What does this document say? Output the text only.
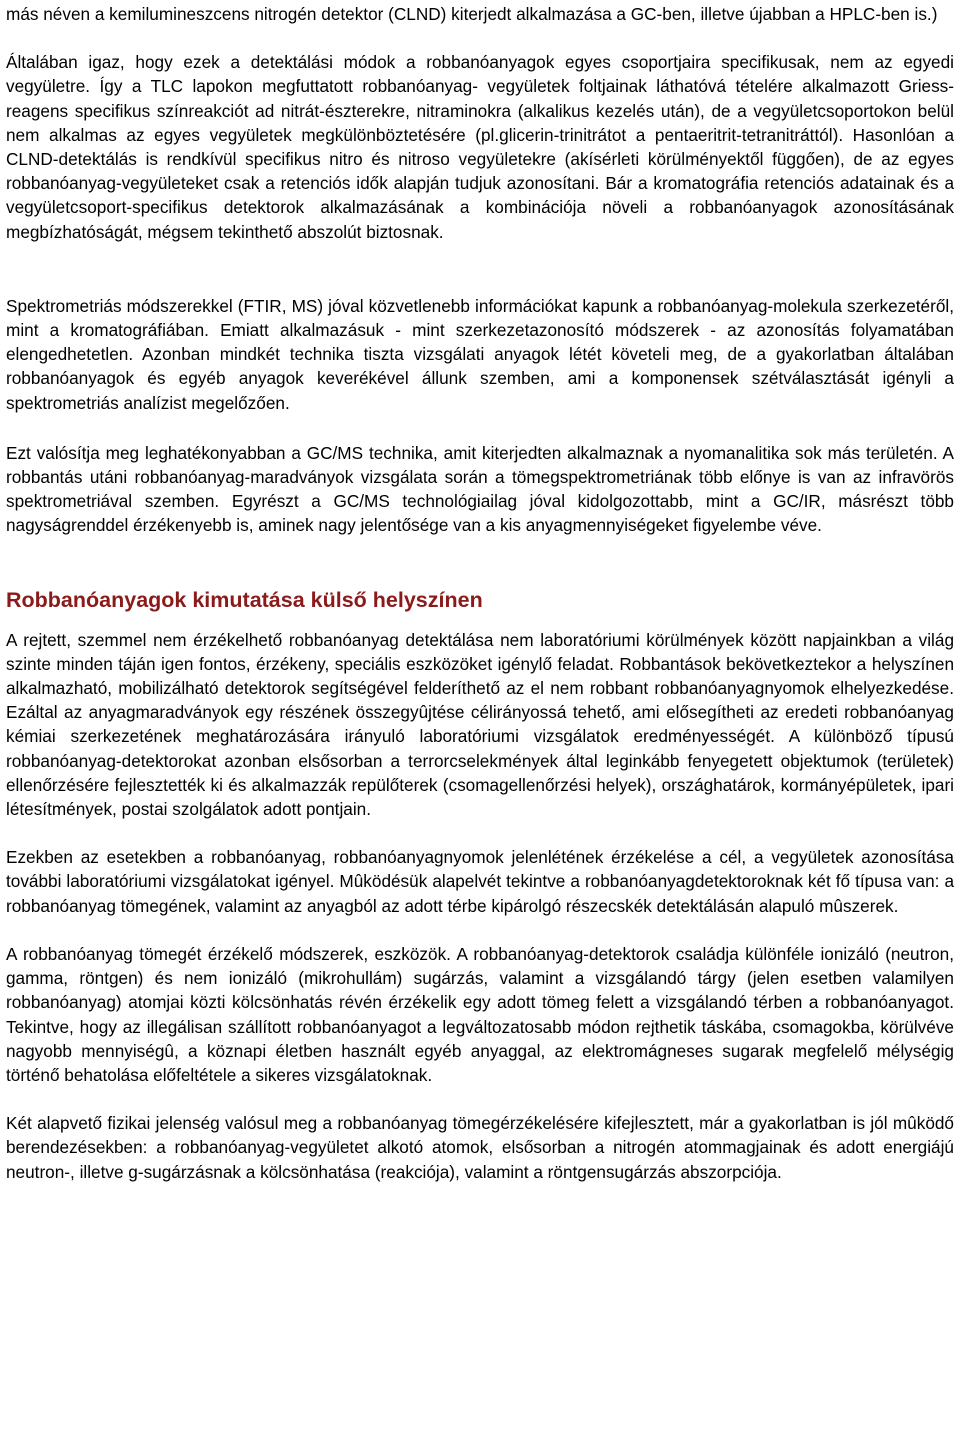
más néven a kemilumineszcens nitrogén detektor (CLND) kiterjedt alkalmazása a GC-ben, illetve újabban a HPLC-ben is.)

Általában igaz, hogy ezek a detektálási módok a robbanóanyagok egyes csoportjaira specifikusak, nem az egyedi vegyületre. Így a TLC lapokon megfuttatott robbanóanyag- vegyületek foltjainak láthatóvá tételére alkalmazott Griess-reagens specifikus színreakciót ad nitrát-észterekre, nitraminokra (alkalikus kezelés után), de a vegyületcsoportokon belül nem alkalmas az egyes vegyületek megkülönböztetésére (pl.glicerin-trinitrátot a pentaeritrit-tetranitráttól). Hasonlóan a CLND-detektálás is rendkívül specifikus nitro és nitroso vegyületekre (akísérleti körülményektől függően), de az egyes robbanóanyag-vegyületeket csak a retenciós idők alapján tudjuk azonosítani. Bár a kromatográfia retenciós adatainak és a vegyületcsoport-specifikus detektorok alkalmazásának a kombinációja növeli a robbanóanyagok azonosításának megbízhatóságát, mégsem tekinthető abszolút biztosnak.

Spektrometriás módszerekkel (FTIR, MS) jóval közvetlenebb információkat kapunk a robbanóanyag-molekula szerkezetéről, mint a kromatográfiában. Emiatt alkalmazásuk - mint szerkezetazonosító módszerek - az azonosítás folyamatában elengedhetetlen. Azonban mindkét technika tiszta vizsgálati anyagok létét követeli meg, de a gyakorlatban általában robbanóanyagok és egyéb anyagok keverékével állunk szemben, ami a komponensek szétválasztását igényli a spektrometriás analízist megelőzően.

Ezt valósítja meg leghatékonyabban a GC/MS technika, amit kiterjedten alkalmaznak a nyomanalitika sok más területén. A robbantás utáni robbanóanyag-maradványok vizsgálata során a tömegspektrometriának több előnye is van az infravörös spektrometriával szemben. Egyrészt a GC/MS technológiailag jóval kidolgozottabb, mint a GC/IR, másrészt több nagyságrenddel érzékenyebb is, aminek nagy jelentősége van a kis anyagmennyiségeket figyelembe véve.

Robbanóanyagok kimutatása külső helyszínen

A rejtett, szemmel nem érzékelhető robbanóanyag detektálása nem laboratóriumi körülmények között napjainkban a világ szinte minden táján igen fontos, érzékeny, speciális eszközöket igénylő feladat. Robbantások bekövetkeztekor a helyszínen alkalmazható, mobilizálható detektorok segítségével felderíthető az el nem robbant robbanóanyagnyomok elhelyezkedése. Ezáltal az anyagmaradványok egy részének összegyûjtése célirányossá tehető, ami elősegítheti az eredeti robbanóanyag kémiai szerkezetének meghatározására irányuló laboratóriumi vizsgálatok eredményességét. A különböző típusú robbanóanyag-detektorokat azonban elsősorban a terrorcselekmények által leginkább fenyegetett objektumok (területek) ellenőrzésére fejlesztették ki és alkalmazzák repülőterek (csomagellenőrzési helyek), országhatárok, kormányépületek, ipari létesítmények, postai szolgálatok adott pontjain.

Ezekben az esetekben a robbanóanyag, robbanóanyagnyomok jelenlétének érzékelése a cél, a vegyületek azonosítása további laboratóriumi vizsgálatokat igényel. Mûködésük alapelvét tekintve a robbanóanyagdetektoroknak két fő típusa van: a robbanóanyag tömegének, valamint az anyagból az adott térbe kipárolgó részecskék detektálásán alapuló mûszerek.

A robbanóanyag tömegét érzékelő módszerek, eszközök. A robbanóanyag-detektorok családja különféle ionizáló (neutron, gamma, röntgen) és nem ionizáló (mikrohullám) sugárzás, valamint a vizsgálandó tárgy (jelen esetben valamilyen robbanóanyag) atomjai közti kölcsönhatás révén érzékelik egy adott tömeg felett a vizsgálandó térben a robbanóanyagot. Tekintve, hogy az illegálisan szállított robbanóanyagot a legváltozatosabb módon rejthetik táskába, csomagokba, körülvéve nagyobb mennyiségû, a köznapi életben használt egyéb anyaggal, az elektromágneses sugarak megfelelő mélységig történő behatolása előfeltétele a sikeres vizsgálatoknak.

Két alapvető fizikai jelenség valósul meg a robbanóanyag tömegérzékelésére kifejlesztett, már a gyakorlatban is jól mûködő berendezésekben: a robbanóanyag-vegyületet alkotó atomok, elsősorban a nitrogén atommagjainak és adott energiájú neutron-, illetve g-sugárzásnak a kölcsönhatása (reakciója), valamint a röntgensugárzás abszorpciója.
